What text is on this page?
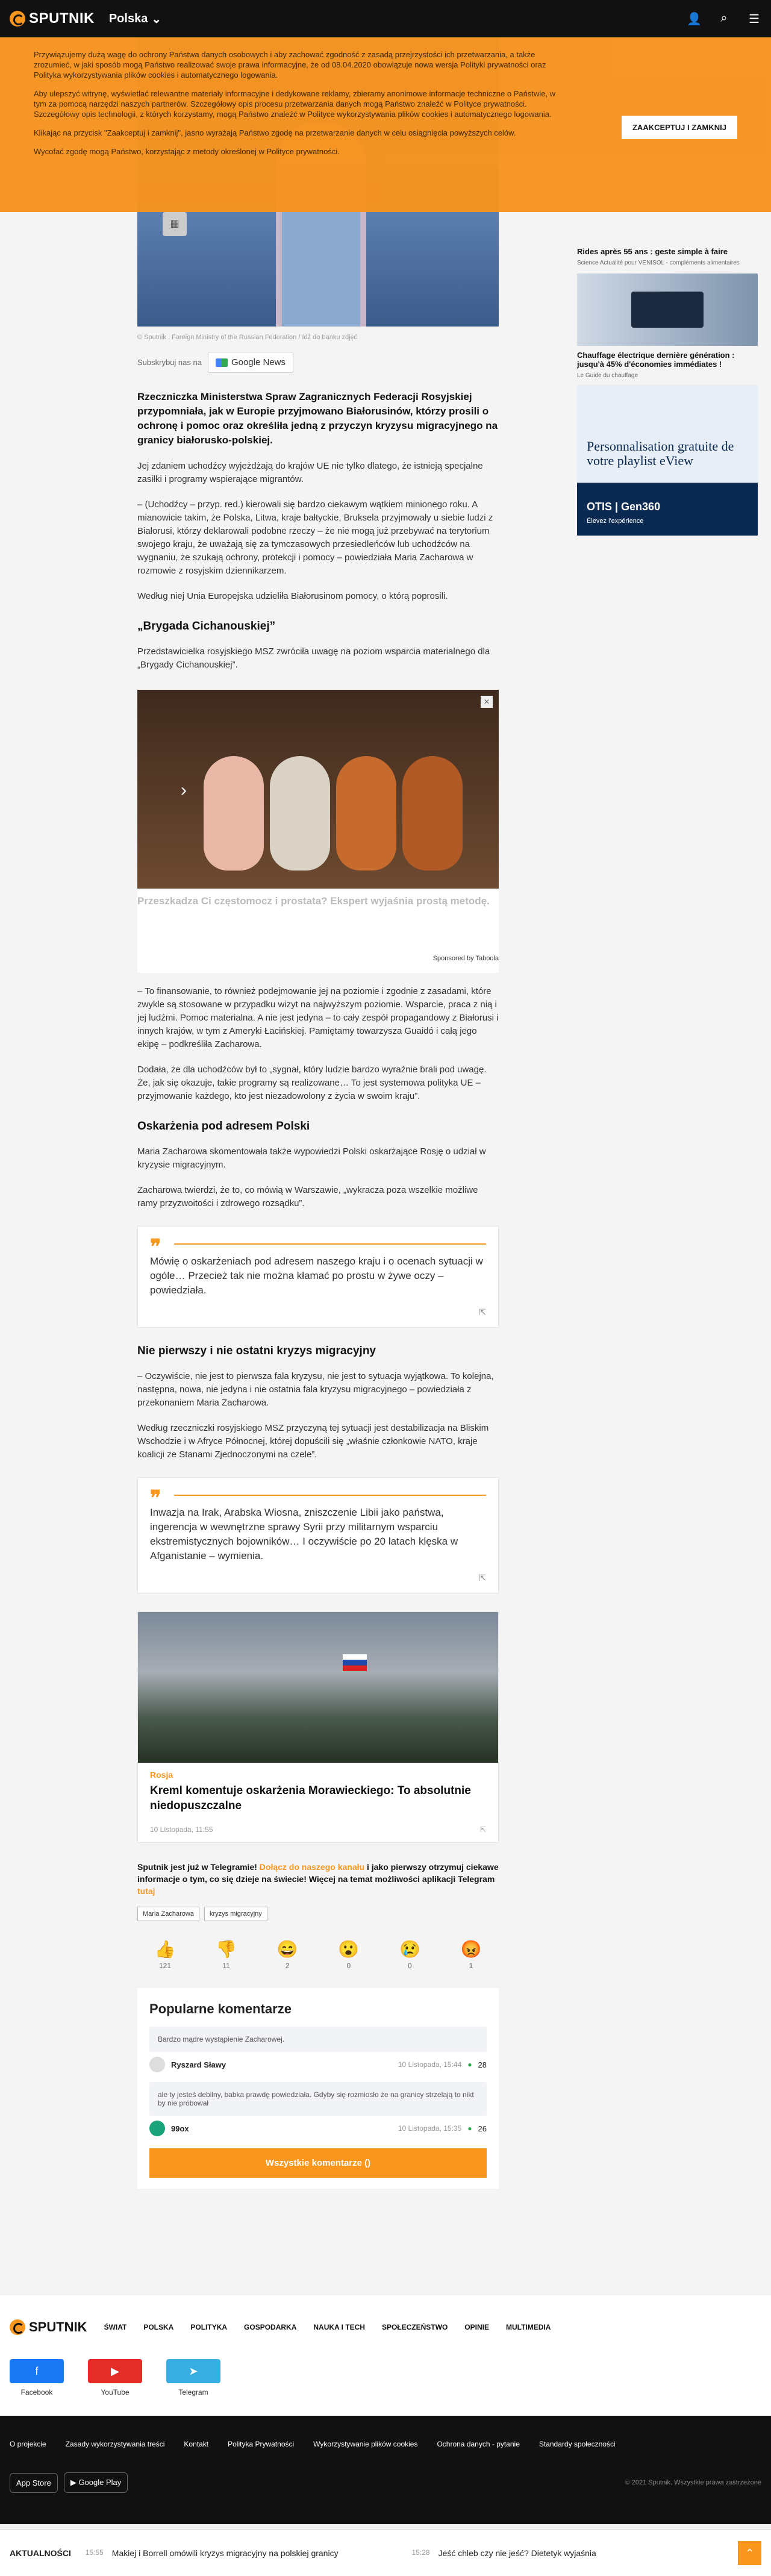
SPUTNIK Polska ⌄	👤	⌕	☰

Przywiązujemy dużą wagę do ochrony Państwa danych osobowych i aby zachować zgodność z zasadą przejrzystości ich przetwarzania, a także zrozumieć, w jaki sposób mogą Państwo realizować swoje prawa informacyjne, że od 08.04.2020 obowiązuje nowa wersja Polityki prywatności oraz Polityka wykorzystywania plików cookies i automatycznego logowania.

Aby ulepszyć witrynę, wyświetlać relewantne materiały informacyjne i dedykowane reklamy, zbieramy anonimowe informacje techniczne o Państwie, w tym za pomocą narzędzi naszych partnerów. Szczegółowy opis procesu przetwarzania danych mogą Państwo znaleźć w Polityce prywatności. Szczegółowy opis technologii, z których korzystamy, mogą Państwo znaleźć w Polityce wykorzystywania plików cookies i automatycznego logowania.

Klikając na przycisk "Zaakceptuj i zamknij", jasno wyrażają Państwo zgodę na przetwarzanie danych w celu osiągnięcia powyższych celów.

Wycofać zgodę mogą Państwo, korzystając z metody określonej w Polityce prywatności.

ZAAKCEPTUJ I ZAMKNIJ
▦
© Sputnik . Foreign Ministry of the Russian Federation / Idź do banku zdjęć
Subskrybuj nas na	Google News

Rzeczniczka Ministerstwa Spraw Zagranicznych Federacji Rosyjskiej przypomniała, jak w Europie przyjmowano Białorusinów, którzy prosili o ochronę i pomoc oraz określiła jedną z przyczyn kryzysu migracyjnego na granicy białorusko-polskiej.

Jej zdaniem uchodźcy wyjeżdżają do krajów UE nie tylko dlatego, że istnieją specjalne zasiłki i programy wspierające migrantów.

– (Uchodźcy – przyp. red.) kierowali się bardzo ciekawym wątkiem minionego roku. A mianowicie takim, że Polska, Litwa, kraje bałtyckie, Bruksela przyjmowały u siebie ludzi z Białorusi, którzy deklarowali podobne rzeczy – że nie mogą już przebywać na terytorium swojego kraju, że uważają się za tymczasowych przesiedleńców lub uchodźców na wygnaniu, że szukają ochrony, protekcji i pomocy – powiedziała Maria Zacharowa w rozmowie z rosyjskim dziennikarzem.

Według niej Unia Europejska udzieliła Białorusinom pomocy, o którą poprosili.

„Brygada Cichanouskiej”

Przedstawicielka rosyjskiego MSZ zwróciła uwagę na poziom wsparcia materialnego dla „Brygady Cichanouskiej”.

›
✕
Przeszkadza Ci częstomocz i prostata? Ekspert wyjaśnia prostą metodę.
Sponsored by Taboola

– To finansowanie, to również podejmowanie jej na poziomie i zgodnie z zasadami, które zwykle są stosowane w przypadku wizyt na najwyższym poziomie. Wsparcie, praca z nią i jej ludźmi. Pomoc materialna. A nie jest jedyna – to cały zespół propagandowy z Białorusi i innych krajów, w tym z Ameryki Łacińskiej. Pamiętamy towarzysza Guaidó i całą jego ekipę – podkreśliła Zacharowa.

Dodała, że dla uchodźców był to „sygnał, który ludzie bardzo wyraźnie brali pod uwagę. Że, jak się okazuje, takie programy są realizowane… To jest systemowa polityka UE – przyjmowanie każdego, kto jest niezadowolony z życia w swoim kraju”.

Oskarżenia pod adresem Polski

Maria Zacharowa skomentowała także wypowiedzi Polski oskarżające Rosję o udział w kryzysie migracyjnym.

Zacharowa twierdzi, że to, co mówią w Warszawie, „wykracza poza wszelkie możliwe ramy przyzwoitości i zdrowego rozsądku”.

❞

Mówię o oskarżeniach pod adresem naszego kraju i o ocenach sytuacji w ogóle… Przecież tak nie można kłamać po prostu w żywe oczy – powiedziała.

⇱
Nie pierwszy i nie ostatni kryzys migracyjny

– Oczywiście, nie jest to pierwsza fala kryzysu, nie jest to sytuacja wyjątkowa. To kolejna, następna, nowa, nie jedyna i nie ostatnia fala kryzysu migracyjnego – powiedziała z przekonaniem Maria Zacharowa.

Według rzeczniczki rosyjskiego MSZ przyczyną tej sytuacji jest destabilizacja na Bliskim Wschodzie i w Afryce Północnej, której dopuścili się „właśnie członkowie NATO, kraje koalicji ze Stanami Zjednoczonymi na czele”.

❞

Inwazja na Irak, Arabska Wiosna, zniszczenie Libii jako państwa, ingerencja w wewnętrzne sprawy Syrii przy militarnym wsparciu ekstremistycznych bojowników… I oczywiście po 20 latach klęska w Afganistanie – wymienia.

⇱
Rosja
Kreml komentuje oskarżenia Morawieckiego: To absolutnie niedopuszczalne
10 Listopada, 11:55	⇱

Sputnik jest już w Telegramie! Dołącz do naszego kanału i jako pierwszy otrzymuj ciekawe informacje o tym, co się dzieje na świecie! Więcej na temat możliwości aplikacji Telegram tutaj

Maria Zacharowa	kryzys migracyjny
👍
121
👎
11
😄
2
😮
0
😢
0
😡
1
Popularne komentarze
Bardzo mądre wystąpienie Zacharowej.
Ryszard Sławy	10 Listopada, 15:44 ● 28
ale ty jesteś debilny, babka prawdę powiedziała. Gdyby się rozmiosło że na granicy strzelają to nikt by nie próbował
99ox	10 Listopada, 15:35 ● 26
Wszystkie komentarze ()
Rides après 55 ans : geste simple à faire
Science Actualité pour VENISOL - compléments alimentaires
Chauffage électrique dernière génération : jusqu'à 45% d'économies immédiates !
Le Guide du chauffage
Personnalisation gratuite de votre playlist eView
OTIS | Gen360
Élevez l'expérience
SPUTNIK ŚWIAT POLSKA POLITYKA GOSPODARKA NAUKA I TECH SPOŁECZEŃSTWO OPINIE MULTIMEDIA
f
Facebook
▶
YouTube
➤
Telegram
O projekcie	Zasady wykorzystywania treści	Kontakt	Polityka Prywatności	Wykorzystywanie plików cookies	Ochrona danych - pytanie	Standardy społeczności
App Store	▶ Google Play	© 2021 Sputnik. Wszystkie prawa zastrzeżone
AKTUALNOŚCI	15:55 Makiej i Borrell omówili kryzys migracyjny na polskiej granicy	15:28 Jeść chleb czy nie jeść? Dietetyk wyjaśnia	⌃
